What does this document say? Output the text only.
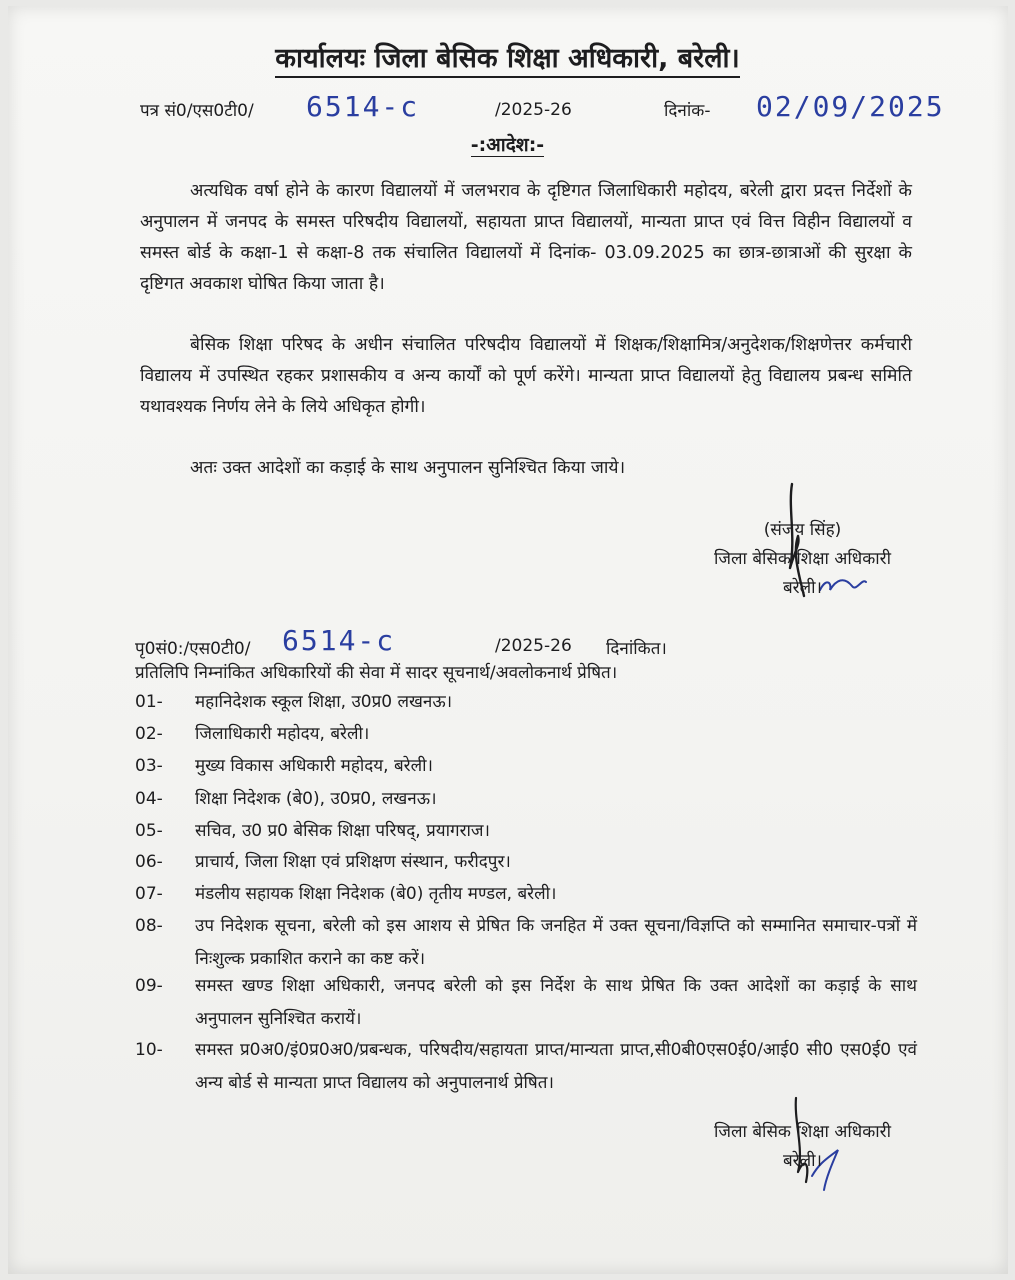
कार्यालयः जिला बेसिक शिक्षा अधिकारी, बरेली।
पत्र सं0/एस0टी0/ 6514-c	/2025-26	दिनांक- 02/09/2025
-:आदेश:-
अत्यधिक वर्षा होने के कारण विद्यालयों में जलभराव के दृष्टिगत जिलाधिकारी महोदय, बरेली द्वारा प्रदत्त निर्देशों के अनुपालन में जनपद के समस्त परिषदीय विद्यालयों, सहायता प्राप्त विद्यालयों, मान्यता प्राप्त एवं वित्त विहीन विद्यालयों व समस्त बोर्ड के कक्षा-1 से कक्षा-8 तक संचालित विद्यालयों में दिनांक- 03.09.2025 का छात्र-छात्राओं की सुरक्षा के दृष्टिगत अवकाश घोषित किया जाता है।
बेसिक शिक्षा परिषद के अधीन संचालित परिषदीय विद्यालयों में शिक्षक/शिक्षामित्र/अनुदेशक/शिक्षणेत्तर कर्मचारी विद्यालय में उपस्थित रहकर प्रशासकीय व अन्य कार्यों को पूर्ण करेंगे। मान्यता प्राप्त विद्यालयों हेतु विद्यालय प्रबन्ध समिति यथावश्यक निर्णय लेने के लिये अधिकृत होगी।
अतः उक्त आदेशों का कड़ाई के साथ अनुपालन सुनिश्चित किया जाये।
(संजय सिंह)
जिला बेसिक शिक्षा अधिकारी
बरेली।
पृ0सं0:/एस0टी0/ 6514-c	/2025-26 दिनांकित।
प्रतिलिपि निम्नांकित अधिकारियों की सेवा में सादर सूचनार्थ/अवलोकनार्थ प्रेषित।
01-	महानिदेशक स्कूल शिक्षा, उ0प्र0 लखनऊ।
02-	जिलाधिकारी महोदय, बरेली।
03-	मुख्य विकास अधिकारी महोदय, बरेली।
04-	शिक्षा निदेशक (बे0), उ0प्र0, लखनऊ।
05-	सचिव, उ0 प्र0 बेसिक शिक्षा परिषद्, प्रयागराज।
06-	प्राचार्य, जिला शिक्षा एवं प्रशिक्षण संस्थान, फरीदपुर।
07-	मंडलीय सहायक शिक्षा निदेशक (बे0) तृतीय मण्डल, बरेली।
08-	उप निदेशक सूचना, बरेली को इस आशय से प्रेषित कि जनहित में उक्त सूचना/विज्ञप्ति को सम्मानित समाचार-पत्रों में निःशुल्क प्रकाशित कराने का कष्ट करें।
09-	समस्त खण्ड शिक्षा अधिकारी, जनपद बरेली को इस निर्देश के साथ प्रेषित कि उक्त आदेशों का कड़ाई के साथ अनुपालन सुनिश्चित करायें।
10-	समस्त प्र0अ0/इं0प्र0अ0/प्रबन्धक, परिषदीय/सहायता प्राप्त/मान्यता प्राप्त,सी0बी0एस0ई0/आई0 सी0 एस0ई0 एवं अन्य बोर्ड से मान्यता प्राप्त विद्यालय को अनुपालनार्थ प्रेषित।
जिला बेसिक शिक्षा अधिकारी
बरेली।
